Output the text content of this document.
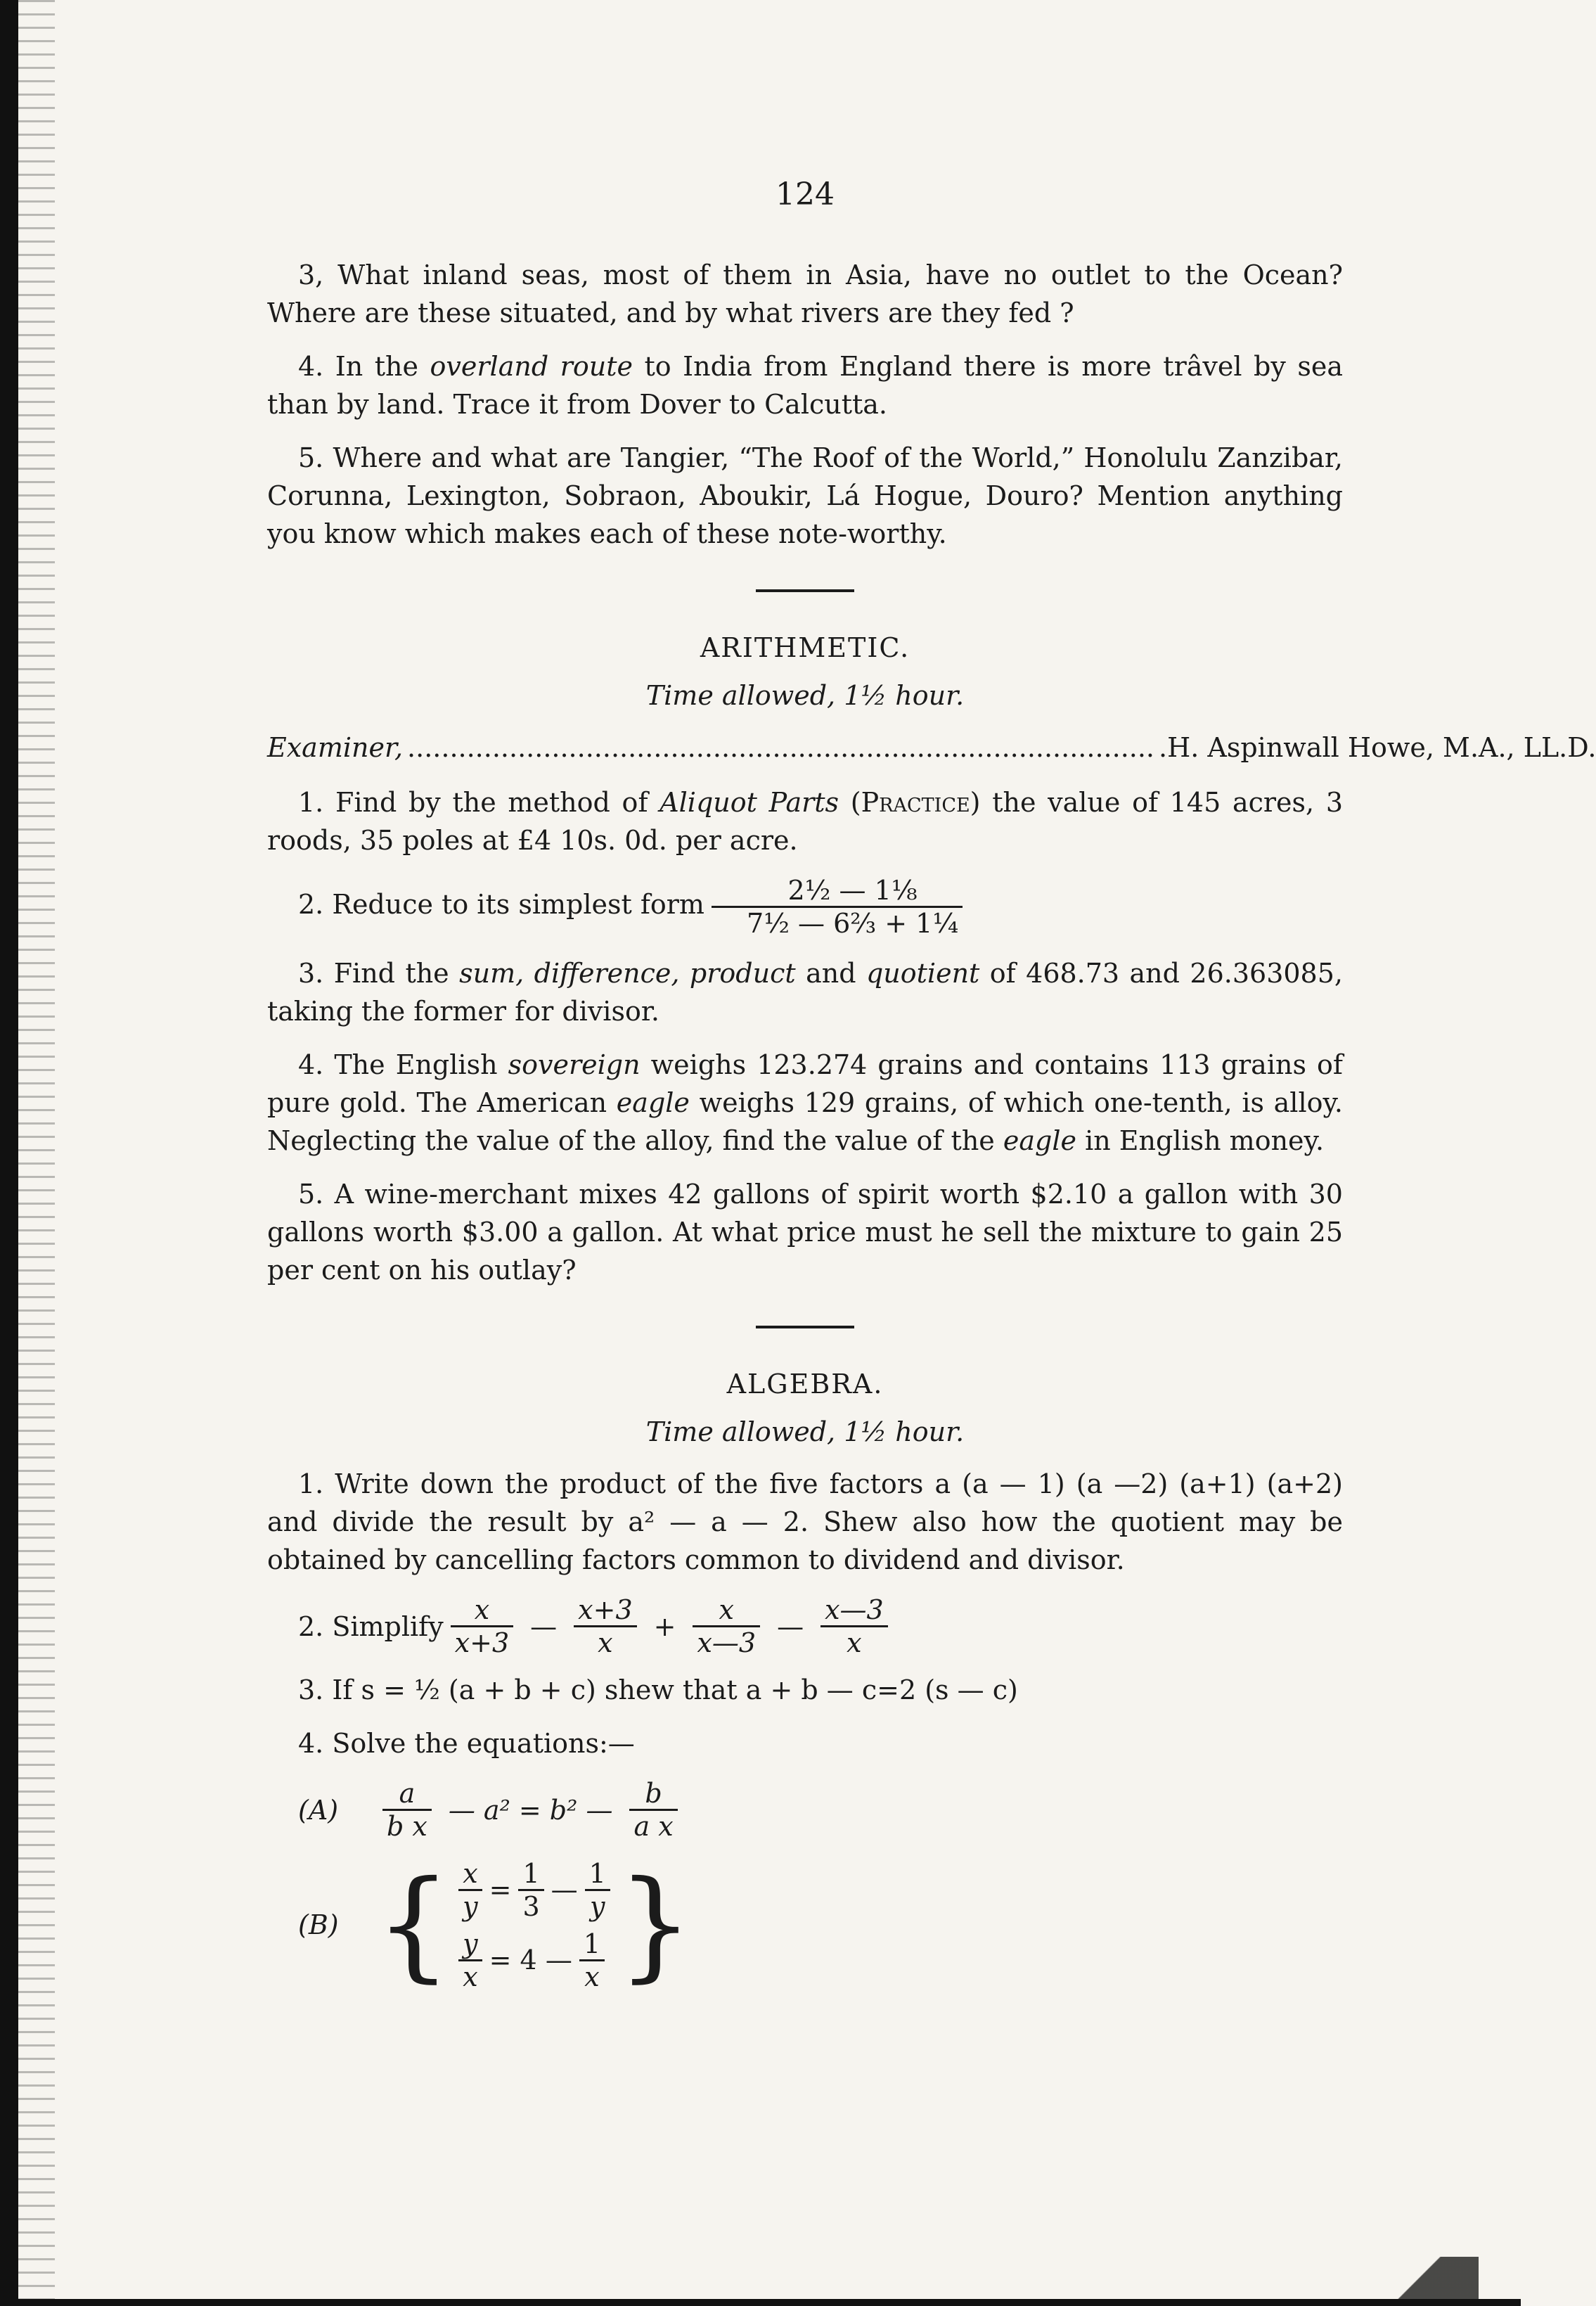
124

3, What inland seas, most of them in Asia, have no outlet to the Ocean? Where are these situated, and by what rivers are they fed ?

4. In the overland route to India from England there is more trâvel by sea than by land. Trace it from Dover to Calcutta.

5. Where and what are Tangier, “The Roof of the World,” Honolulu Zanzibar, Corunna, Lexington, Sobraon, Aboukir, Lá Hogue, Douro? Mention anything you know which makes each of these note-worthy.

ARITHMETIC.
Time allowed, 1½ hour.
Examiner, ........................................................................................ .H. Aspinwall Howe, M.A., LL.D.

1. Find by the method of Aliquot Parts (Practice) the value of 145 acres, 3 roods, 35 poles at £4 10s. 0d. per acre.

2. Reduce to its simplest form $\frac{\text{2½ — 1⅛}}{\text{7½ — 6⅔ + 1¼}}$

3. Find the sum, difference, product and quotient of 468.73 and 26.363085, taking the former for divisor.

4. The English sovereign weighs 123.274 grains and contains 113 grains of pure gold. The American eagle weighs 129 grains, of which one-tenth, is alloy. Neglecting the value of the alloy, find the value of the eagle in English money.

5. A wine-merchant mixes 42 gallons of spirit worth $2.10 a gallon with 30 gallons worth $3.00 a gallon. At what price must he sell the mixture to gain 25 per cent on his outlay?

ALGEBRA.
Time allowed, 1½ hour.

1. Write down the product of the five factors a (a — 1) (a —2) (a+1) (a+2) and divide the result by a² — a — 2. Shew also how the quotient may be obtained by cancelling factors common to dividend and divisor.

2. Simplify $\frac{x}{x+3}$ — $\frac{x+3}{x} + \frac{x}{x—3}$ — $\frac{x—3}{x}$

3. If s = ½ (a + b + c) shew that a + b — c=2 (s — c)

4. Solve the equations:—

(A)	$\frac{a}{\text{b x}}$ — a² = b² — $\frac{b}{\text{a x}}$
(B) { $\frac{x}{y} = \frac{1}{3}$ — $\frac{1}{y}$
$\frac{y}{x} = 4$ — $\frac{1}{x}$ }
